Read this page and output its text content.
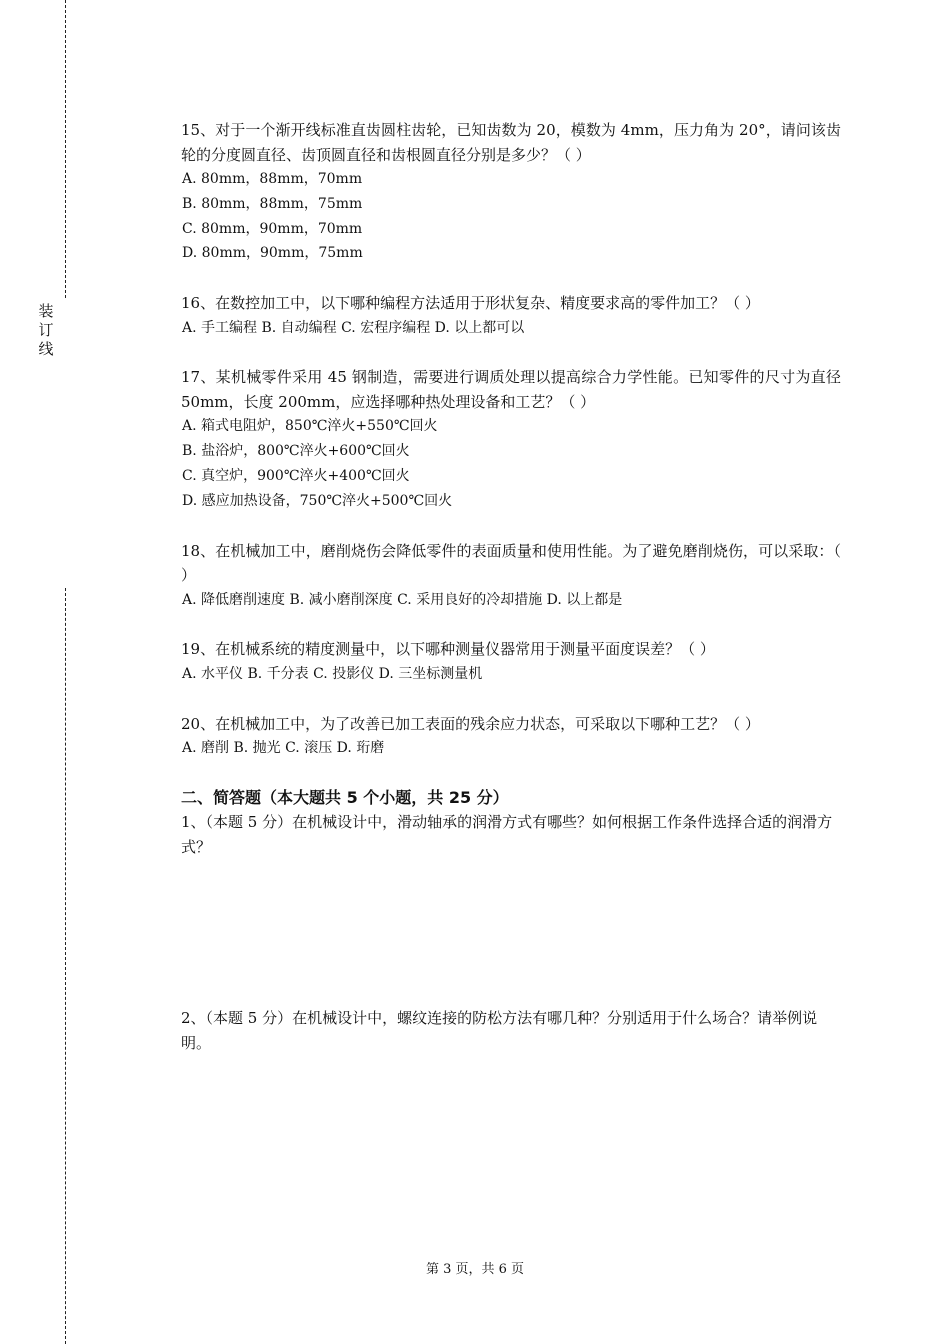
装
订
线

15、对于一个渐开线标准直齿圆柱齿轮，已知齿数为 20，模数为 4mm，压力角为 20°，请问该齿轮的分度圆直径、齿顶圆直径和齿根圆直径分别是多少？（ ）

A. 80mm，88mm，70mm

B. 80mm，88mm，75mm

C. 80mm，90mm，70mm

D. 80mm，90mm，75mm

16、在数控加工中，以下哪种编程方法适用于形状复杂、精度要求高的零件加工？（ ）

A. 手工编程 B. 自动编程 C. 宏程序编程 D. 以上都可以

17、某机械零件采用 45 钢制造，需要进行调质处理以提高综合力学性能。已知零件的尺寸为直径 50mm，长度 200mm，应选择哪种热处理设备和工艺？（ ）

A. 箱式电阻炉，850℃淬火+550℃回火

B. 盐浴炉，800℃淬火+600℃回火

C. 真空炉，900℃淬火+400℃回火

D. 感应加热设备，750℃淬火+500℃回火

18、在机械加工中，磨削烧伤会降低零件的表面质量和使用性能。为了避免磨削烧伤，可以采取：（ ）

A. 降低磨削速度 B. 减小磨削深度 C. 采用良好的冷却措施 D. 以上都是

19、在机械系统的精度测量中，以下哪种测量仪器常用于测量平面度误差？（ ）

A. 水平仪 B. 千分表 C. 投影仪 D. 三坐标测量机

20、在机械加工中，为了改善已加工表面的残余应力状态，可采取以下哪种工艺？（ ）

A. 磨削 B. 抛光 C. 滚压 D. 珩磨

二、简答题（本大题共 5 个小题，共 25 分）

1、（本题 5 分）在机械设计中，滑动轴承的润滑方式有哪些？如何根据工作条件选择合适的润滑方式？

2、（本题 5 分）在机械设计中，螺纹连接的防松方法有哪几种？分别适用于什么场合？请举例说明。

第 3 页，共 6 页
